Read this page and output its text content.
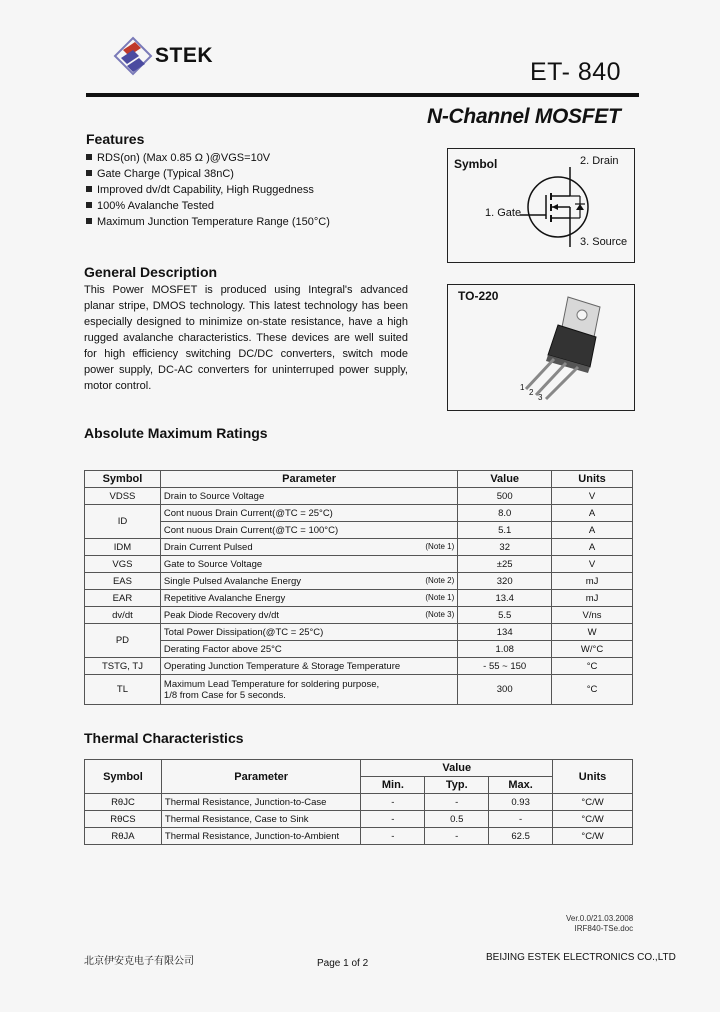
STEK
ET- 840
N-Channel MOSFET
Features
RDS(on) (Max 0.85 Ω )@VGS=10V
Gate Charge (Typical 38nC)
Improved dv/dt Capability, High Ruggedness
100% Avalanche Tested
Maximum Junction Temperature Range (150°C)
General Description
This Power MOSFET is produced using Integral's advanced planar stripe, DMOS technology. This latest technology has been especially designed to minimize on-state resistance, have a high rugged avalanche characteristics. These devices are well suited for high efficiency switching DC/DC converters, switch mode power supply, DC-AC converters for uninterruped power supply, motor control.
Symbol	2. Drain
1. Gate
3. Source
TO-220
1
2
3
Absolute Maximum Ratings
Symbol	Parameter	Value	Units
VDSS	Drain to Source Voltage	500	V
ID	Cont nuous Drain Current(@TC = 25°C)	8.0	A
	Cont nuous Drain Current(@TC = 100°C)	5.1	A
IDM	Drain Current Pulsed (Note 1)	32	A
VGS	Gate to Source Voltage	±25	V
EAS	Single Pulsed Avalanche Energy (Note 2)	320	mJ
EAR	Repetitive Avalanche Energy (Note 1)	13.4	mJ
dv/dt	Peak Diode Recovery dv/dt (Note 3)	5.5	V/ns
PD	Total Power Dissipation(@TC = 25°C)	134	W
	Derating Factor above 25°C	1.08	W/°C
TSTG, TJ	Operating Junction Temperature & Storage Temperature	- 55 ~ 150	°C
TL	Maximum Lead Temperature for soldering purpose,
1/8 from Case for 5 seconds.	300	°C
Thermal Characteristics
Symbol	Parameter	Value			Units
		Min.	Typ.	Max.	
RθJC	Thermal Resistance, Junction-to-Case	-	-	0.93	°C/W
RθCS	Thermal Resistance, Case to Sink	-	0.5	-	°C/W
RθJA	Thermal Resistance, Junction-to-Ambient	-	-	62.5	°C/W
Ver.0.0/21.03.2008
IRF840-TSe.doc
北京伊安克电子有限公司	Page 1 of 2
BEIJING ESTEK ELECTRONICS CO.,LTD
